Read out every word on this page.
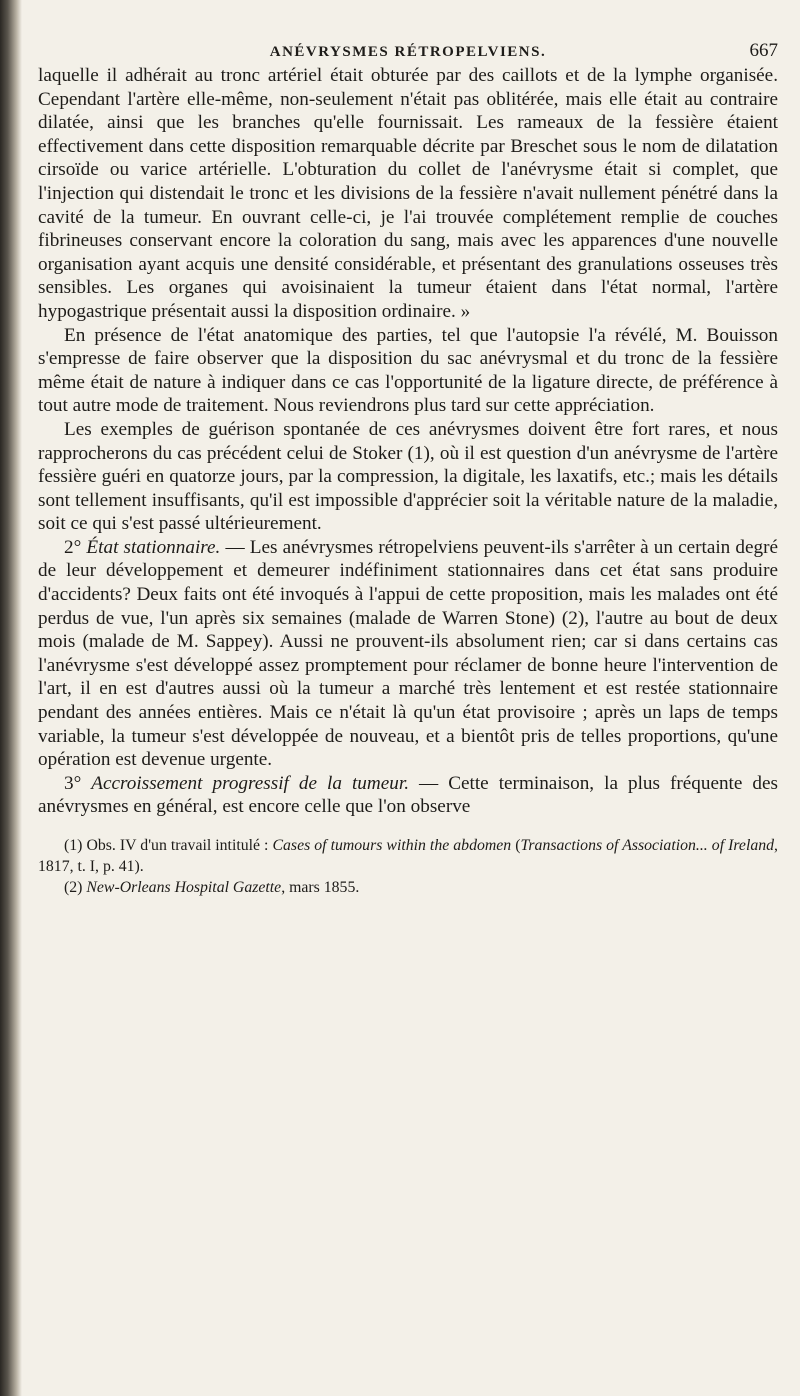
ANÉVRYSMES RÉTROPELVIENS.	667

laquelle il adhérait au tronc artériel était obturée par des caillots et de la lymphe organisée. Cependant l'artère elle-même, non-seulement n'était pas oblitérée, mais elle était au contraire dilatée, ainsi que les branches qu'elle fournissait. Les rameaux de la fessière étaient effectivement dans cette disposition remarquable décrite par Breschet sous le nom de dilatation cirsoïde ou varice artérielle. L'obturation du collet de l'anévrysme était si complet, que l'injection qui distendait le tronc et les divisions de la fessière n'avait nullement pénétré dans la cavité de la tumeur. En ouvrant celle-ci, je l'ai trouvée complétement remplie de couches fibrineuses conservant encore la coloration du sang, mais avec les apparences d'une nouvelle organisation ayant acquis une densité considérable, et présentant des granulations osseuses très sensibles. Les organes qui avoisinaient la tumeur étaient dans l'état normal, l'artère hypogastrique présentait aussi la disposition ordinaire. »

En présence de l'état anatomique des parties, tel que l'autopsie l'a révélé, M. Bouisson s'empresse de faire observer que la disposition du sac anévrysmal et du tronc de la fessière même était de nature à indiquer dans ce cas l'opportunité de la ligature directe, de préférence à tout autre mode de traitement. Nous reviendrons plus tard sur cette appréciation.

Les exemples de guérison spontanée de ces anévrysmes doivent être fort rares, et nous rapprocherons du cas précédent celui de Stoker (1), où il est question d'un anévrysme de l'artère fessière guéri en quatorze jours, par la compression, la digitale, les laxatifs, etc.; mais les détails sont tellement insuffisants, qu'il est impossible d'apprécier soit la véritable nature de la maladie, soit ce qui s'est passé ultérieurement.

2° État stationnaire. — Les anévrysmes rétropelviens peuvent-ils s'arrêter à un certain degré de leur développement et demeurer indéfiniment stationnaires dans cet état sans produire d'accidents? Deux faits ont été invoqués à l'appui de cette proposition, mais les malades ont été perdus de vue, l'un après six semaines (malade de Warren Stone) (2), l'autre au bout de deux mois (malade de M. Sappey). Aussi ne prouvent-ils absolument rien; car si dans certains cas l'anévrysme s'est développé assez promptement pour réclamer de bonne heure l'intervention de l'art, il en est d'autres aussi où la tumeur a marché très lentement et est restée stationnaire pendant des années entières. Mais ce n'était là qu'un état provisoire ; après un laps de temps variable, la tumeur s'est développée de nouveau, et a bientôt pris de telles proportions, qu'une opération est devenue urgente.

3° Accroissement progressif de la tumeur. — Cette terminaison, la plus fréquente des anévrysmes en général, est encore celle que l'on observe

(1) Obs. IV d'un travail intitulé : Cases of tumours within the abdomen (Transactions of Association... of Ireland, 1817, t. I, p. 41).

(2) New-Orleans Hospital Gazette, mars 1855.
